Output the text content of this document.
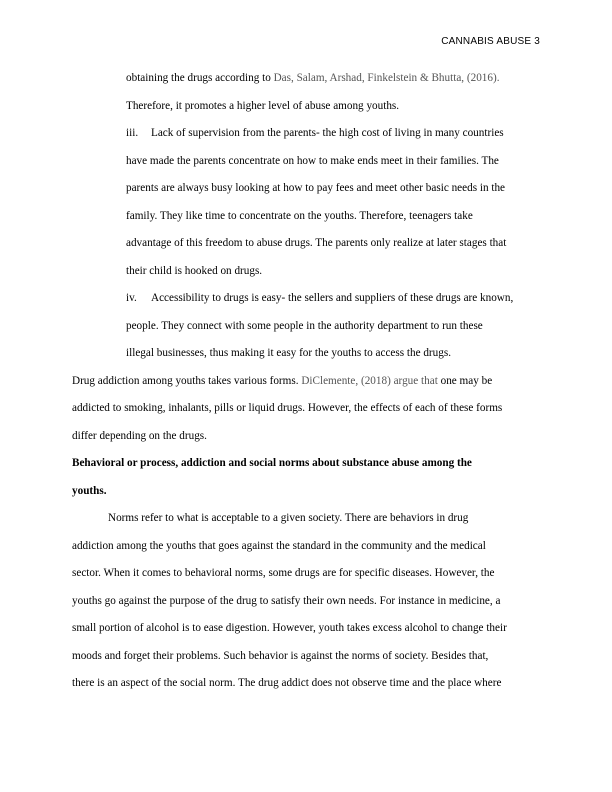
CANNABIS ABUSE 3
obtaining the drugs according to Das, Salam, Arshad, Finkelstein & Bhutta, (2016).
Therefore, it promotes a higher level of abuse among youths.
iii. Lack of supervision from the parents- the high cost of living in many countries
have made the parents concentrate on how to make ends meet in their families. The
parents are always busy looking at how to pay fees and meet other basic needs in the
family. They like time to concentrate on the youths. Therefore, teenagers take
advantage of this freedom to abuse drugs. The parents only realize at later stages that
their child is hooked on drugs.
iv. Accessibility to drugs is easy- the sellers and suppliers of these drugs are known,
people. They connect with some people in the authority department to run these
illegal businesses, thus making it easy for the youths to access the drugs.
Drug addiction among youths takes various forms. DiClemente, (2018) argue that one may be
addicted to smoking, inhalants, pills or liquid drugs. However, the effects of each of these forms
differ depending on the drugs.
Behavioral or process, addiction and social norms about substance abuse among the
youths.
Norms refer to what is acceptable to a given society. There are behaviors in drug
addiction among the youths that goes against the standard in the community and the medical
sector. When it comes to behavioral norms, some drugs are for specific diseases. However, the
youths go against the purpose of the drug to satisfy their own needs. For instance in medicine, a
small portion of alcohol is to ease digestion. However, youth takes excess alcohol to change their
moods and forget their problems. Such behavior is against the norms of society. Besides that,
there is an aspect of the social norm. The drug addict does not observe time and the place where
